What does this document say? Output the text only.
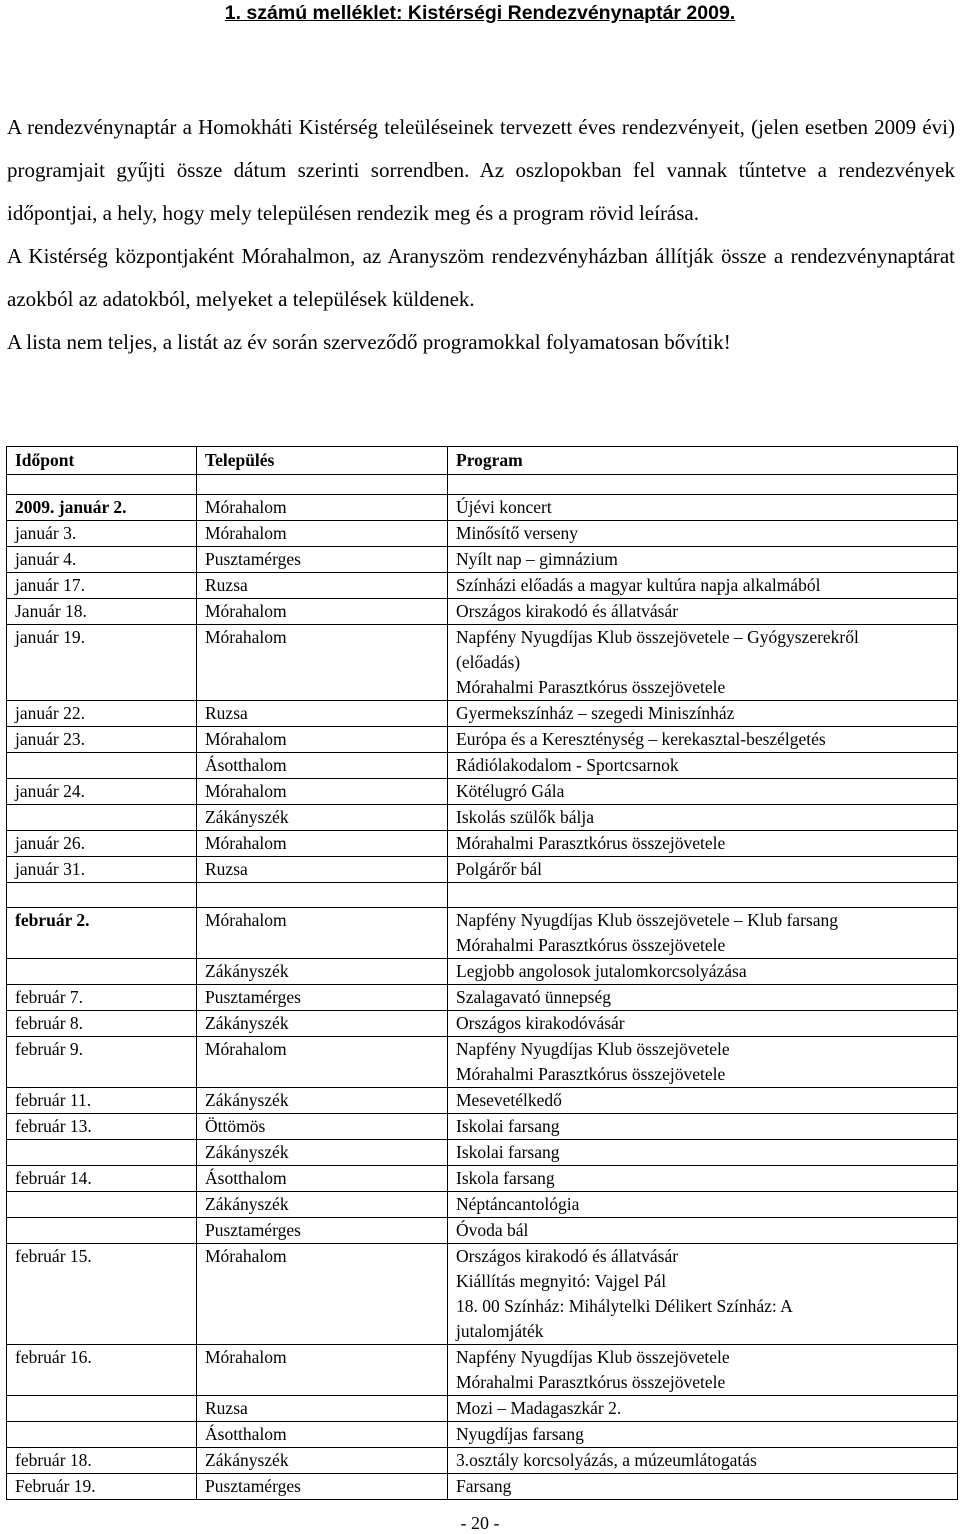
1. számú melléklet: Kistérségi Rendezvénynaptár 2009.

A rendezvénynaptár a Homokháti Kistérség teleüléseinek tervezett éves rendezvényeit, (jelen esetben 2009 évi) programjait gyűjti össze dátum szerinti sorrendben. Az oszlopokban fel vannak tűntetve a rendezvények időpontjai, a hely, hogy mely településen rendezik meg és a program rövid leírása.

A Kistérség központjaként Mórahalmon, az Aranyszöm rendezvényházban állítják össze a rendezvénynaptárat azokból az adatokból, melyeket a települések küldenek.

A lista nem teljes, a listát az év során szerveződő programokkal folyamatosan bővítik!

Időpont	Település	Program

2009. január 2.	Mórahalom	Újévi koncert

január 3.	Mórahalom	Minősítő verseny

január 4.	Pusztamérges	Nyílt nap – gimnázium

január 17.	Ruzsa	Színházi előadás a magyar kultúra napja alkalmából

Január 18.	Mórahalom	Országos kirakodó és állatvásár

január 19.	Mórahalom	Napfény Nyugdíjas Klub összejövetele – Gyógyszerekről
(előadás)
Mórahalmi Parasztkórus összejövetele

január 22.	Ruzsa	Gyermekszínház – szegedi Miniszínház

január 23.	Mórahalom	Európa és a Kereszténység – kerekasztal-beszélgetés

	Ásotthalom	Rádiólakodalom - Sportcsarnok

január 24.	Mórahalom	Kötélugró Gála

	Zákányszék	Iskolás szülők bálja

január 26.	Mórahalom	Mórahalmi Parasztkórus összejövetele

január 31.	Ruzsa	Polgárőr bál

február 2.	Mórahalom	Napfény Nyugdíjas Klub összejövetele – Klub farsang
Mórahalmi Parasztkórus összejövetele

	Zákányszék	Legjobb angolosok jutalomkorcsolyázása

február 7.	Pusztamérges	Szalagavató ünnepség

február 8.	Zákányszék	Országos kirakodóvásár

február 9.	Mórahalom	Napfény Nyugdíjas Klub összejövetele
Mórahalmi Parasztkórus összejövetele

február 11.	Zákányszék	Mesevetélkedő

február 13.	Öttömös	Iskolai farsang

	Zákányszék	Iskolai farsang

február 14.	Ásotthalom	Iskola farsang

	Zákányszék	Néptáncantológia

	Pusztamérges	Óvoda bál

február 15.	Mórahalom	Országos kirakodó és állatvásár
Kiállítás megnyitó: Vajgel Pál
18. 00 Színház: Mihálytelki Délikert Színház: A
jutalomjáték

február 16.	Mórahalom	Napfény Nyugdíjas Klub összejövetele
Mórahalmi Parasztkórus összejövetele

	Ruzsa	Mozi – Madagaszkár 2.

	Ásotthalom	Nyugdíjas farsang

február 18.	Zákányszék	3.osztály korcsolyázás, a múzeumlátogatás

Február 19.	Pusztamérges	Farsang
- 20 -
